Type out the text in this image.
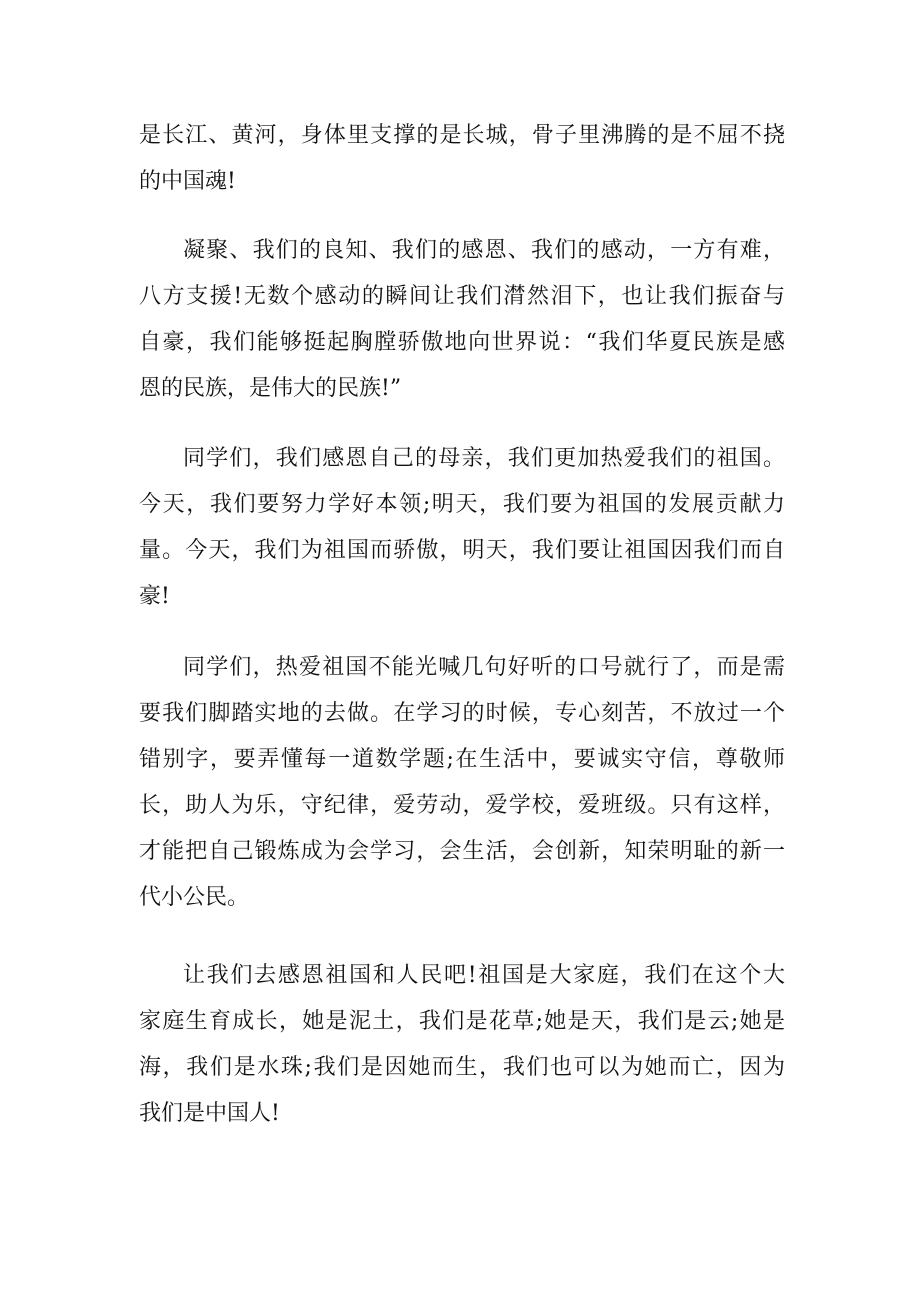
是长江、黄河，身体里支撑的是长城，骨子里沸腾的是不屈不挠
的中国魂!
凝聚、我们的良知、我们的感恩、我们的感动，一方有难，
八方支援!无数个感动的瞬间让我们潸然泪下，也让我们振奋与
自豪，我们能够挺起胸膛骄傲地向世界说：“我们华夏民族是感
恩的民族，是伟大的民族!”
同学们，我们感恩自己的母亲，我们更加热爱我们的祖国。
今天，我们要努力学好本领;明天，我们要为祖国的发展贡献力
量。今天，我们为祖国而骄傲，明天，我们要让祖国因我们而自
豪!
同学们，热爱祖国不能光喊几句好听的口号就行了，而是需
要我们脚踏实地的去做。在学习的时候，专心刻苦，不放过一个
错别字，要弄懂每一道数学题;在生活中，要诚实守信，尊敬师
长，助人为乐，守纪律，爱劳动，爱学校，爱班级。只有这样，
才能把自己锻炼成为会学习，会生活，会创新，知荣明耻的新一
代小公民。
让我们去感恩祖国和人民吧!祖国是大家庭，我们在这个大
家庭生育成长，她是泥土，我们是花草;她是天，我们是云;她是
海，我们是水珠;我们是因她而生，我们也可以为她而亡，因为
我们是中国人!
